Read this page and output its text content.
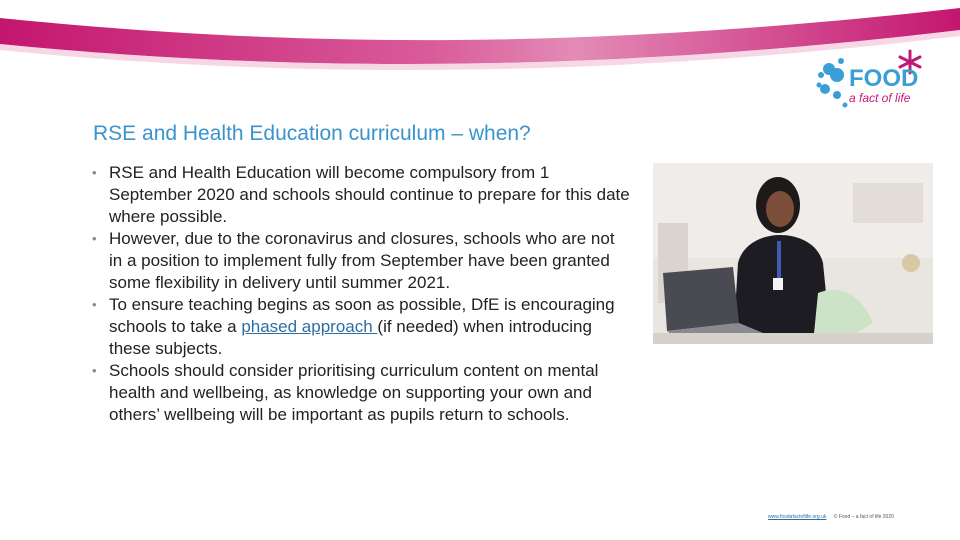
FOOD
a fact of life
RSE and Health Education curriculum – when?
• RSE and Health Education will become compulsory from 1 September 2020 and schools should continue to prepare for this date where possible.
• However, due to the coronavirus and closures, schools who are not in a position to implement fully from September have been granted some flexibility in delivery until summer 2021.
• To ensure teaching begins as soon as possible, DfE is encouraging schools to take a phased approach (if needed) when introducing these subjects.
• Schools should consider prioritising curriculum content on mental health and wellbeing, as knowledge on supporting your own and others’ wellbeing will be important as pupils return to schools.
www.foodafactoflife.org.uk © Food – a fact of life 2020
